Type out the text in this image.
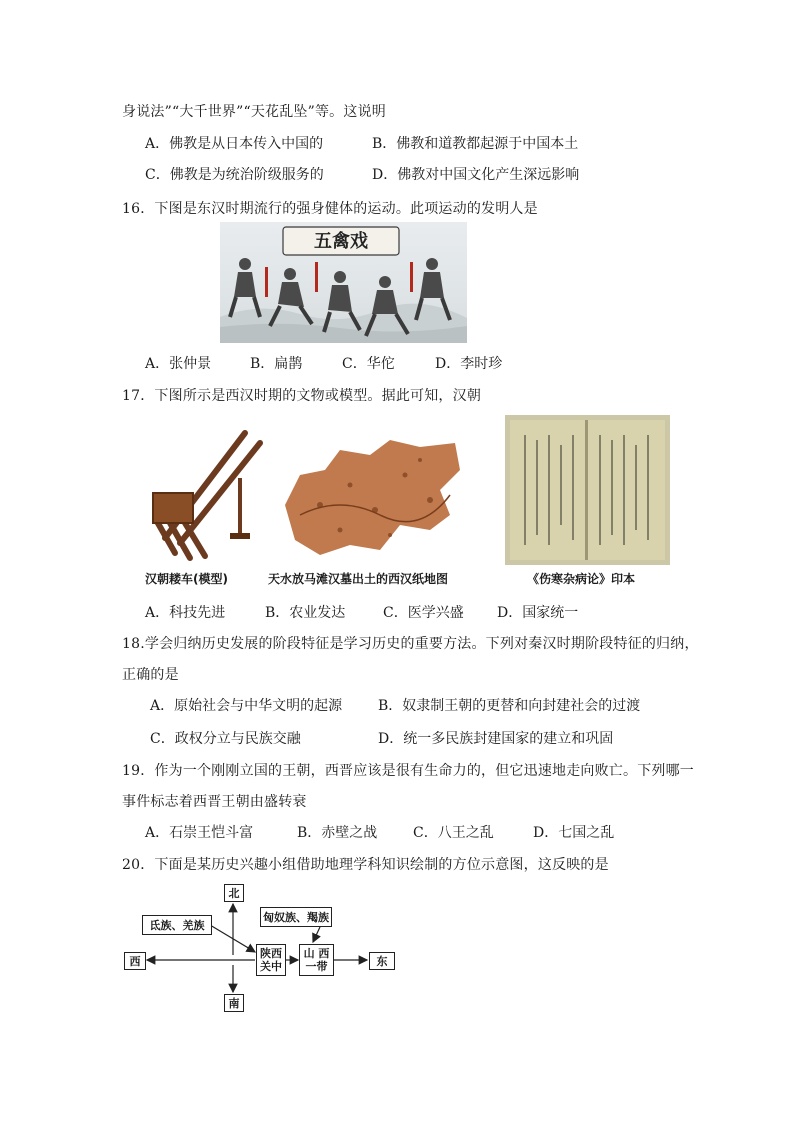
身说法”“大千世界”“天花乱坠”等。这说明
A．佛教是从日本传入中国的	B．佛教和道教都起源于中国本土
C．佛教是为统治阶级服务的	D．佛教对中国文化产生深远影响
16．下图是东汉时期流行的强身健体的运动。此项运动的发明人是
五禽戏
A．张仲景	B．扁鹊	C．华佗	D．李时珍
17．下图所示是西汉时期的文物或模型。据此可知，汉朝
汉朝耧车(模型)	天水放马滩汉墓出土的西汉纸地图	《伤寒杂病论》印本
A．科技先进	B．农业发达	C．医学兴盛 D．国家统一
18.学会归纳历史发展的阶段特征是学习历史的重要方法。下列对秦汉时期阶段特征的归纳，
正确的是
A．原始社会与中华文明的起源	B．奴隶制王朝的更替和向封建社会的过渡
C．政权分立与民族交融	D．统一多民族封建国家的建立和巩固
19．作为一个刚刚立国的王朝，西晋应该是很有生命力的，但它迅速地走向败亡。下列哪一
事件标志着西晋王朝由盛转衰
A．石崇王恺斗富	B．赤壁之战	C．八王之乱	D．七国之乱
20．下面是某历史兴趣小组借助地理学科知识绘制的方位示意图，这反映的是
北
南
西	东
氐族、羌族
匈奴族、羯族
陕西关中
山 西一带
